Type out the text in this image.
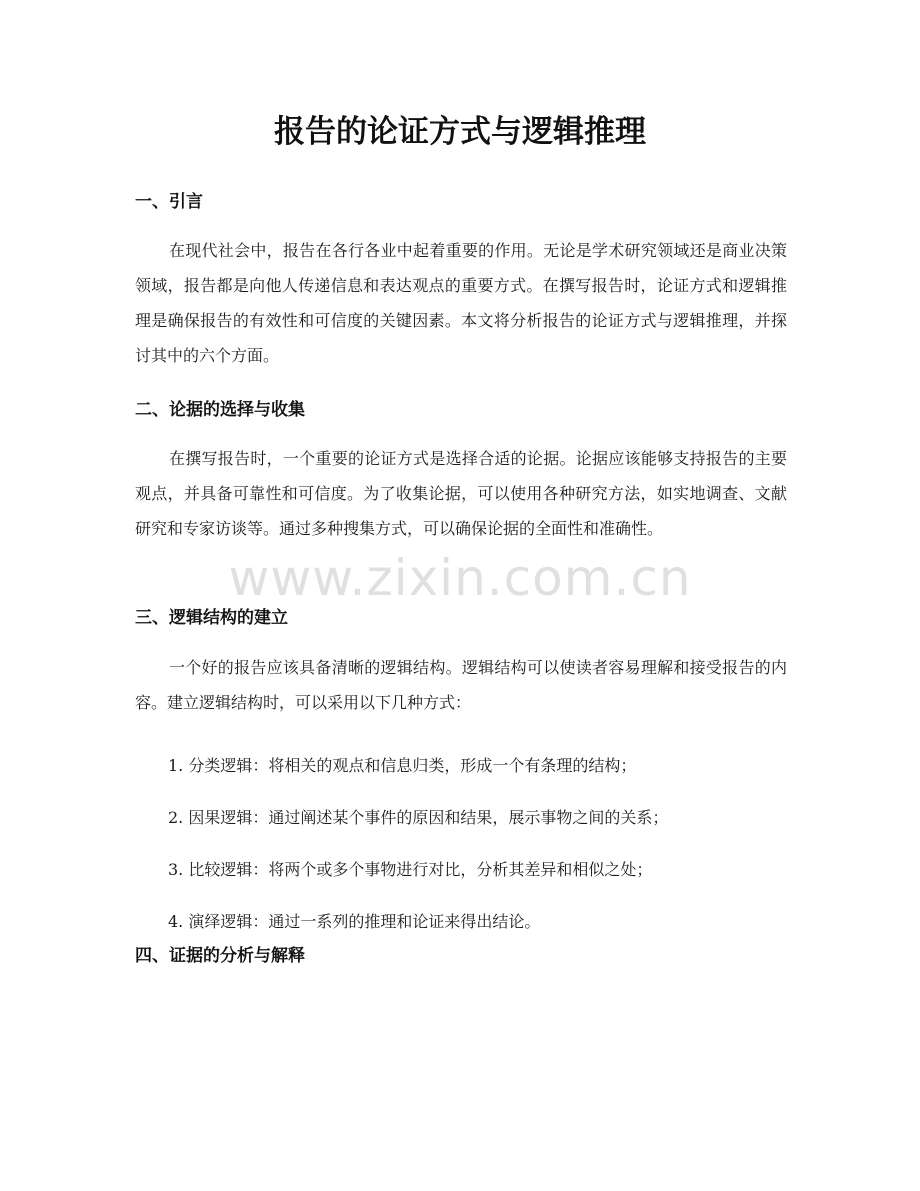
报告的论证方式与逻辑推理
一、引言

在现代社会中，报告在各行各业中起着重要的作用。无论是学术研究领域还是商业决策领域，报告都是向他人传递信息和表达观点的重要方式。在撰写报告时，论证方式和逻辑推理是确保报告的有效性和可信度的关键因素。本文将分析报告的论证方式与逻辑推理，并探讨其中的六个方面。

二、论据的选择与收集

在撰写报告时，一个重要的论证方式是选择合适的论据。论据应该能够支持报告的主要观点，并具备可靠性和可信度。为了收集论据，可以使用各种研究方法，如实地调查、文献研究和专家访谈等。通过多种搜集方式，可以确保论据的全面性和准确性。

www.zixin.com.cn
三、逻辑结构的建立

一个好的报告应该具备清晰的逻辑结构。逻辑结构可以使读者容易理解和接受报告的内容。建立逻辑结构时，可以采用以下几种方式：

1. 分类逻辑：将相关的观点和信息归类，形成一个有条理的结构；

2. 因果逻辑：通过阐述某个事件的原因和结果，展示事物之间的关系；

3. 比较逻辑：将两个或多个事物进行对比，分析其差异和相似之处；

4. 演绎逻辑：通过一系列的推理和论证来得出结论。

四、证据的分析与解释
